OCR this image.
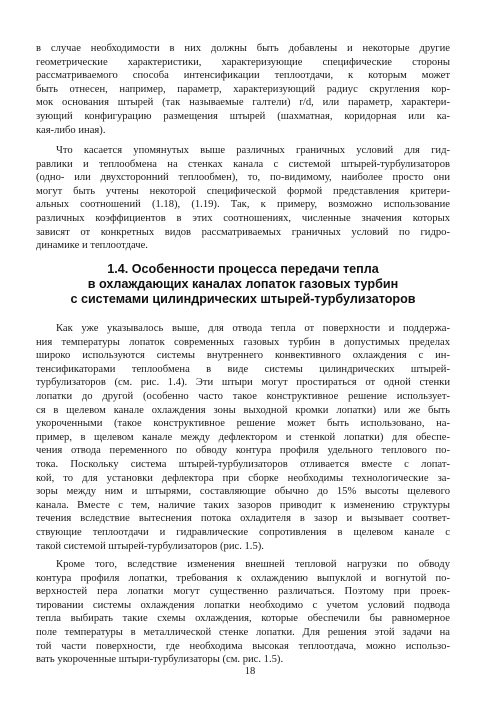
в случае необходимости в них должны быть добавлены и некоторые другие
геометрические характеристики, характеризующие специфические стороны
рассматриваемого способа интенсификации теплоотдачи, к которым может
быть отнесен, например, параметр, характеризующий радиус скругления кор-
мок основания штырей (так называемые галтели) r/d, или параметр, характери-
зующий конфигурацию размещения штырей (шахматная, коридорная или ка-
кая-либо иная).
Что касается упомянутых выше различных граничных условий для гид-
равлики и теплообмена на стенках канала с системой штырей-турбулизаторов
(одно- или двухсторонний теплообмен), то, по-видимому, наиболее просто они
могут быть учтены некоторой специфической формой представления критери-
альных соотношений (1.18), (1.19). Так, к примеру, возможно использование
различных коэффициентов в этих соотношениях, численные значения которых
зависят от конкретных видов рассматриваемых граничных условий по гидро-
динамике и теплоотдаче.
1.4. Особенности процесса передачи тепла
в охлаждающих каналах лопаток газовых турбин
с системами цилиндрических штырей-турбулизаторов
Как уже указывалось выше, для отвода тепла от поверхности и поддержа-
ния температуры лопаток современных газовых турбин в допустимых пределах
широко используются системы внутреннего конвективного охлаждения с ин-
тенсификаторами теплообмена в виде системы цилиндрических штырей-
турбулизаторов (см. рис. 1.4). Эти штыри могут простираться от одной стенки
лопатки до другой (особенно часто такое конструктивное решение использует-
ся в щелевом канале охлаждения зоны выходной кромки лопатки) или же быть
укороченными (такое конструктивное решение может быть использовано, на-
пример, в щелевом канале между дефлектором и стенкой лопатки) для обеспе-
чения отвода переменного по обводу контура профиля удельного теплового по-
тока. Поскольку система штырей-турбулизаторов отливается вместе с лопат-
кой, то для установки дефлектора при сборке необходимы технологические за-
зоры между ним и штырями, составляющие обычно до 15% высоты щелевого
канала. Вместе с тем, наличие таких зазоров приводит к изменению структуры
течения вследствие вытеснения потока охладителя в зазор и вызывает соответ-
ствующие теплоотдачи и гидравлические сопротивления в щелевом канале с
такой системой штырей-турбулизаторов (рис. 1.5).
Кроме того, вследствие изменения внешней тепловой нагрузки по обводу
контура профиля лопатки, требования к охлаждению выпуклой и вогнутой по-
верхностей пера лопатки могут существенно различаться. Поэтому при проек-
тировании системы охлаждения лопатки необходимо с учетом условий подвода
тепла выбирать такие схемы охлаждения, которые обеспечили бы равномерное
поле температуры в металлической стенке лопатки. Для решения этой задачи на
той части поверхности, где необходима высокая теплоотдача, можно использо-
вать укороченные штыри-турбулизаторы (см. рис. 1.5).
18
